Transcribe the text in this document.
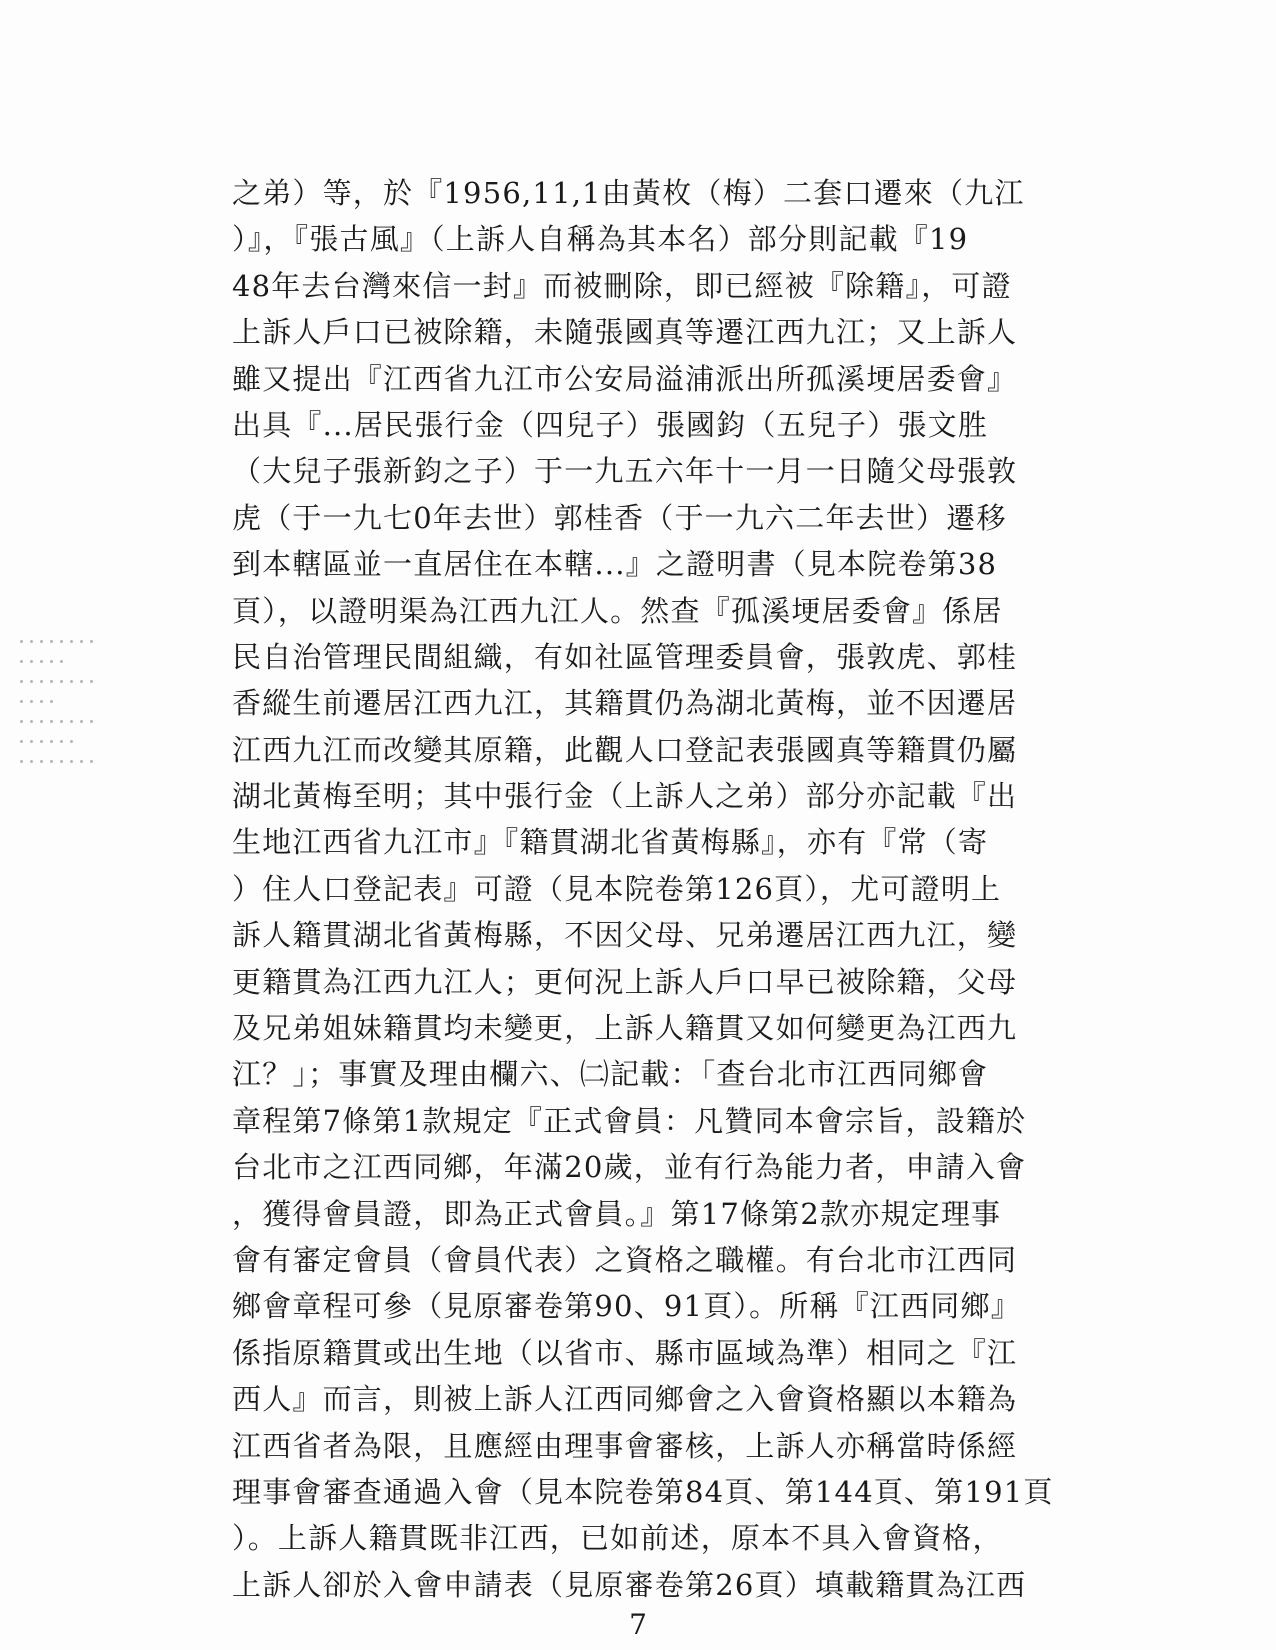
之弟）等，於『1956,11,1由黃枚（梅）二套口遷來（九江
）』，『張古風』（上訴人自稱為其本名）部分則記載『19
48年去台灣來信一封』而被刪除，即已經被『除籍』，可證
上訴人戶口已被除籍，未隨張國真等遷江西九江；又上訴人
雖又提出『江西省九江市公安局溢浦派出所孤溪埂居委會』
出具『...居民張行金（四兒子）張國鈞（五兒子）張文胜
（大兒子張新鈞之子）于一九五六年十一月一日隨父母張敦
虎（于一九七0年去世）郭桂香（于一九六二年去世）遷移
到本轄區並一直居住在本轄...』之證明書（見本院卷第38
頁），以證明渠為江西九江人。然查『孤溪埂居委會』係居
民自治管理民間組織，有如社區管理委員會，張敦虎、郭桂
香縱生前遷居江西九江，其籍貫仍為湖北黃梅，並不因遷居
江西九江而改變其原籍，此觀人口登記表張國真等籍貫仍屬
湖北黃梅至明；其中張行金（上訴人之弟）部分亦記載『出
生地江西省九江市』『籍貫湖北省黃梅縣』，亦有『常（寄
）住人口登記表』可證（見本院卷第126頁），尤可證明上
訴人籍貫湖北省黃梅縣，不因父母、兄弟遷居江西九江，變
更籍貫為江西九江人；更何況上訴人戶口早已被除籍，父母
及兄弟姐妹籍貫均未變更，上訴人籍貫又如何變更為江西九
江？」；事實及理由欄六、㈡記載：「查台北市江西同鄉會
章程第7條第1款規定『正式會員：凡贊同本會宗旨，設籍於
台北市之江西同鄉，年滿20歲，並有行為能力者，申請入會
，獲得會員證，即為正式會員。』第17條第2款亦規定理事
會有審定會員（會員代表）之資格之職權。有台北市江西同
鄉會章程可參（見原審卷第90、91頁）。所稱『江西同鄉』
係指原籍貫或出生地（以省市、縣市區域為準）相同之『江
西人』而言，則被上訴人江西同鄉會之入會資格顯以本籍為
江西省者為限，且應經由理事會審核，上訴人亦稱當時係經
理事會審查通過入會（見本院卷第84頁、第144頁、第191頁
）。上訴人籍貫既非江西，已如前述，原本不具入會資格，
上訴人卻於入會申請表（見原審卷第26頁）填載籍貫為江西
7
